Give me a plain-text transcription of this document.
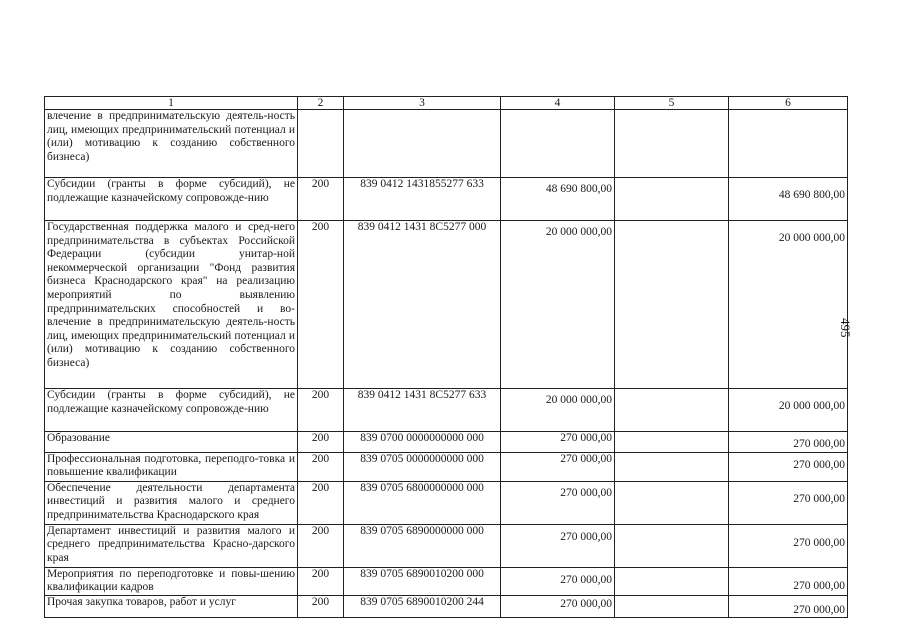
1	2	3	4	5	6
влечение в предпринимательскую деятель-ность лиц, имеющих предпринимательский потенциал и (или) мотивацию к созданию собственного бизнеса)					
Субсидии (гранты в форме субсидий), не подлежащие казначейскому сопровожде-нию	200	839 0412 1431855277 633	48 690 800,00		48 690 800,00
Государственная поддержка малого и сред-него предпринимательства в субъектах Российской Федерации (субсидии унитар-ной некоммерческой организации "Фонд развития бизнеса Краснодарского края" на реализацию мероприятий по выявлению предпринимательских способностей и во-влечение в предпринимательскую деятель-ность лиц, имеющих предпринимательский потенциал и (или) мотивацию к созданию собственного бизнеса)	200	839 0412 1431 8C5277 000	20 000 000,00		20 000 000,00
Субсидии (гранты в форме субсидий), не подлежащие казначейскому сопровожде-нию	200	839 0412 1431 8C5277 633	20 000 000,00		20 000 000,00
Образование	200	839 0700 0000000000 000	270 000,00		270 000,00
Профессиональная подготовка, переподго-товка и повышение квалификации	200	839 0705 0000000000 000	270 000,00		270 000,00
Обеспечение деятельности департамента инвестиций и развития малого и среднего предпринимательства Краснодарского края	200	839 0705 6800000000 000	270 000,00		270 000,00
Департамент инвестиций и развития малого и среднего предпринимательства Красно-дарского края	200	839 0705 6890000000 000	270 000,00		270 000,00
Мероприятия по переподготовке и повы-шению квалификации кадров	200	839 0705 6890010200 000	270 000,00		270 000,00
Прочая закупка товаров, работ и услуг	200	839 0705 6890010200 244	270 000,00		270 000,00
495
